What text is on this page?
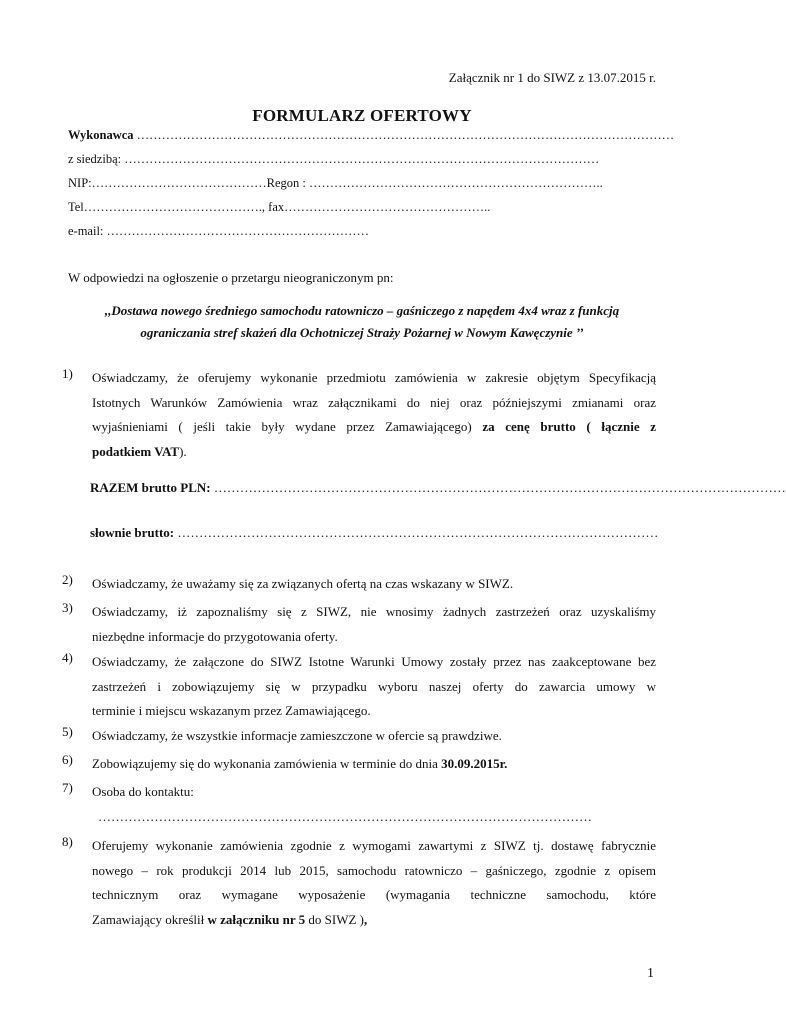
Załącznik nr 1 do SIWZ z 13.07.2015 r.
FORMULARZ OFERTOWY
Wykonawca …………………………………………………………………………………………………………………
z siedzibą: ……………………………………………………………………………………………………
NIP:……………………………………Regon : ……………………………………………………………..
Tel……………………………………., fax…………………………………………..
e-mail: ………………………………………………………
W odpowiedzi na ogłoszenie o przetargu nieograniczonym pn:
,,Dostawa nowego średniego samochodu ratowniczo – gaśniczego z napędem 4x4 wraz z funkcją
ograniczania stref skażeń dla Ochotniczej Straży Pożarnej w Nowym Kawęczynie ’’
1) Oświadczamy, że oferujemy wykonanie przedmiotu zamówienia w zakresie objętym Specyfikacją
Istotnych Warunków Zamówienia wraz załącznikami do niej oraz późniejszymi zmianami oraz
wyjaśnieniami ( jeśli takie były wydane przez Zamawiającego) za cenę brutto ( łącznie z
podatkiem VAT).
RAZEM brutto PLN: ……………………………………………………………………………………………………………………
słownie brutto: …………………………………………………………………………………………………
2) Oświadczamy, że uważamy się za związanych ofertą na czas wskazany w SIWZ.
3) Oświadczamy, iż zapoznaliśmy się z SIWZ, nie wnosimy żadnych zastrzeżeń oraz uzyskaliśmy
niezbędne informacje do przygotowania oferty.
4) Oświadczamy, że załączone do SIWZ Istotne Warunki Umowy zostały przez nas zaakceptowane bez
zastrzeżeń i zobowiązujemy się w przypadku wyboru naszej oferty do zawarcia umowy w
terminie i miejscu wskazanym przez Zamawiającego.
5) Oświadczamy, że wszystkie informacje zamieszczone w ofercie są prawdziwe.
6) Zobowiązujemy się do wykonania zamówienia w terminie do dnia 30.09.2015r.
7) Osoba do kontaktu:
……………………………………………………………………………………………………
8) Oferujemy wykonanie zamówienia zgodnie z wymogami zawartymi z SIWZ tj. dostawę fabrycznie
nowego – rok produkcji 2014 lub 2015, samochodu ratowniczo – gaśniczego, zgodnie z opisem
technicznym oraz wymagane wyposażenie (wymagania techniczne samochodu, które
Zamawiający określił w załączniku nr 5 do SIWZ ),
1
